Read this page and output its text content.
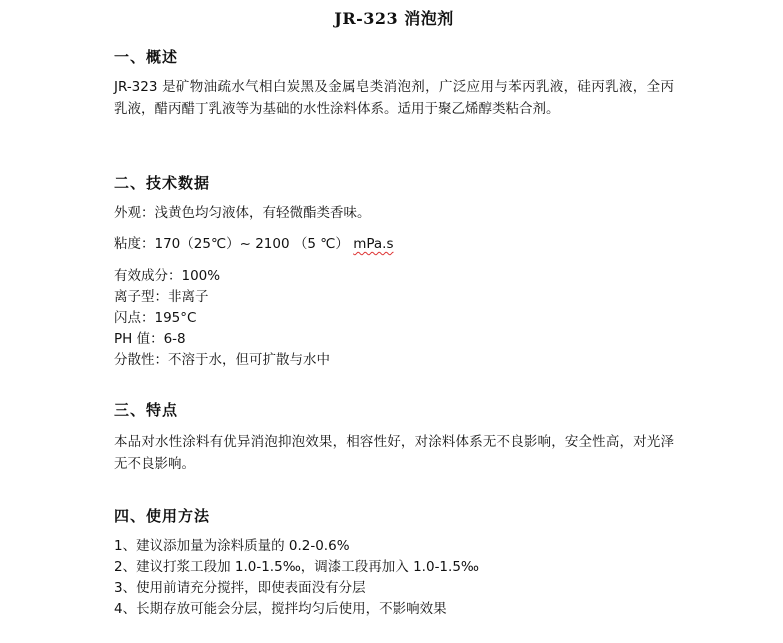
JR-323 消泡剂
一、概述
JR-323 是矿物油疏水气相白炭黑及金属皂类消泡剂，广泛应用与苯丙乳液，硅丙乳液，全丙乳液，醋丙醋丁乳液等为基础的水性涂料体系。适用于聚乙烯醇类粘合剂。
二、技术数据
外观：浅黄色均匀液体，有轻微酯类香味。
粘度：170（25℃）~ 2100 （5 ℃） mPa.s
有效成分：100%
离子型：非离子
闪点：195°C
PH 值：6-8
分散性：不溶于水，但可扩散与水中
三、特点
本品对水性涂料有优异消泡抑泡效果，相容性好，对涂料体系无不良影响，安全性高，对光泽无不良影响。
四、使用方法
1、建议添加量为涂料质量的 0.2-0.6%
2、建议打浆工段加 1.0-1.5‰，调漆工段再加入 1.0-1.5‰
3、使用前请充分搅拌，即使表面没有分层
4、长期存放可能会分层，搅拌均匀后使用，不影响效果
